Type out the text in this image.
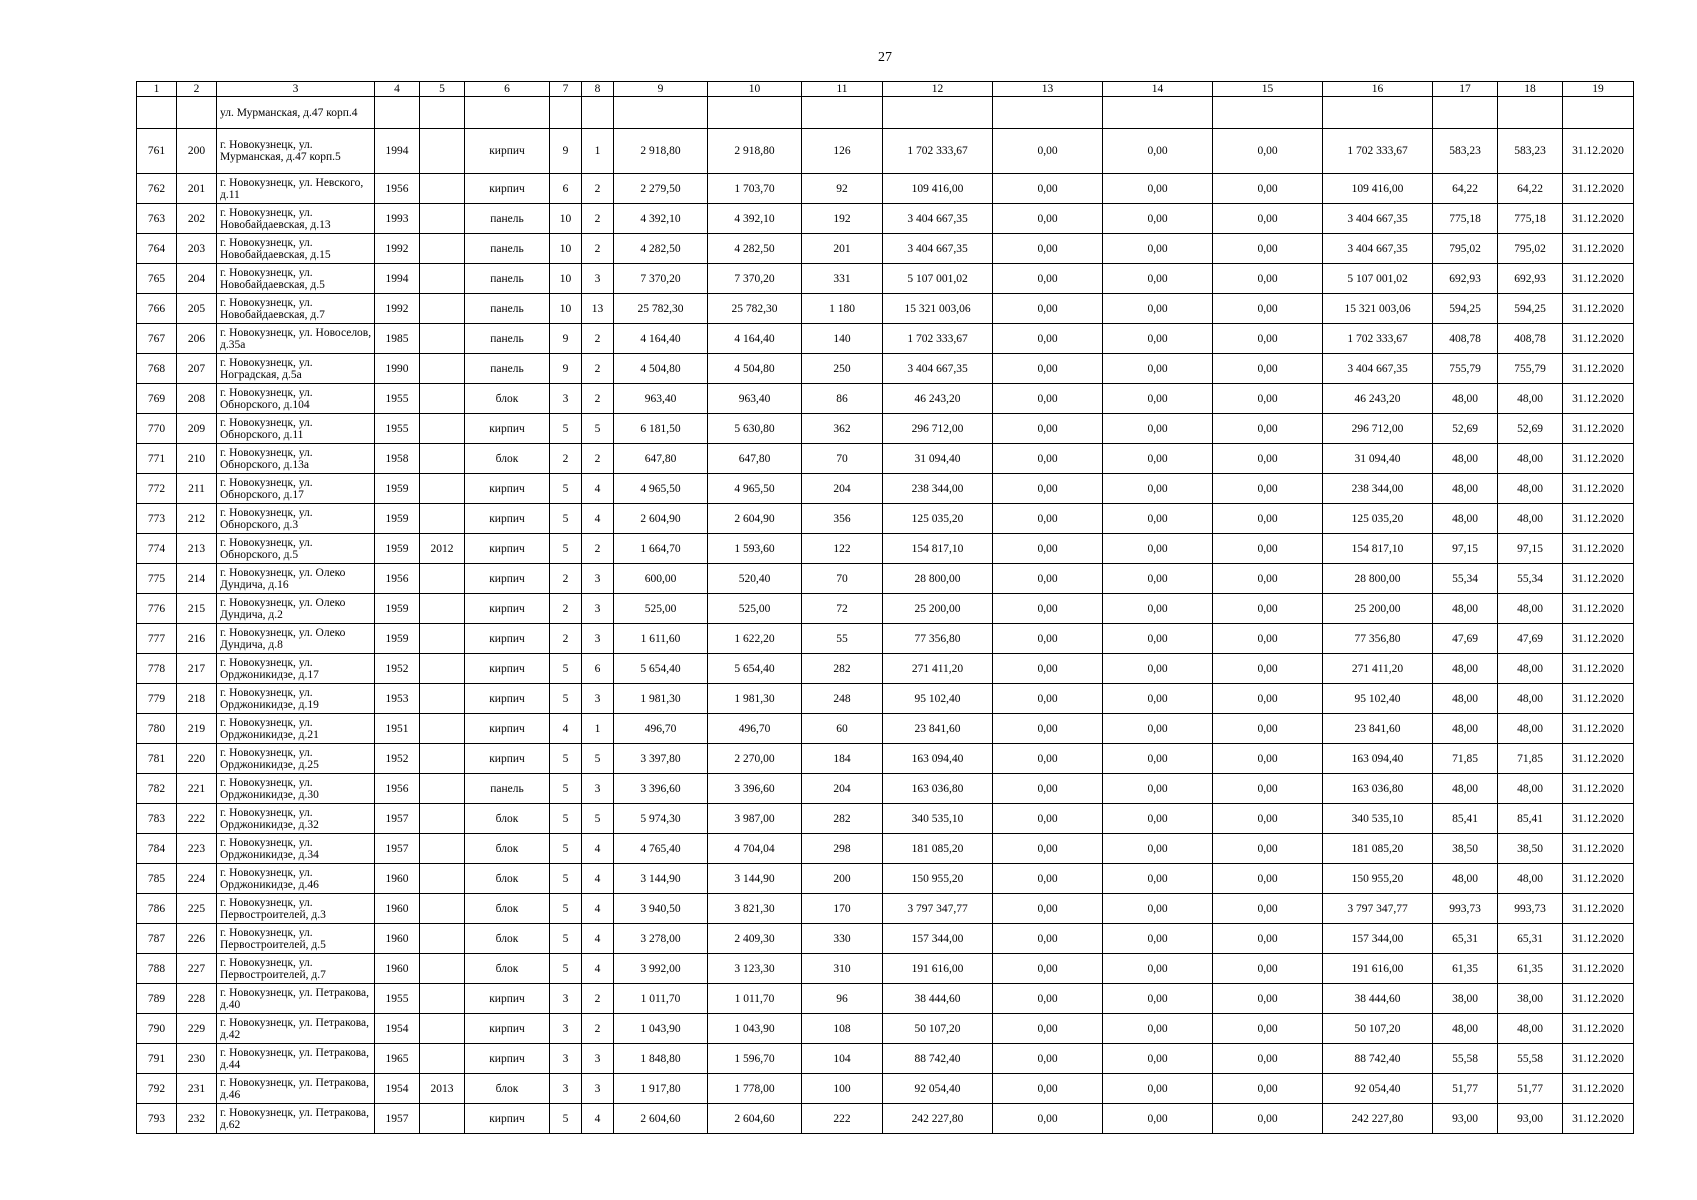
27
1	2	3	4	5	6	7	8	9	10	11	12	13	14	15	16	17	18	19
		ул. Мурманская, д.47 корп.4																
761	200	г. Новокузнецк, ул. Мурманская, д.47 корп.5	1994		кирпич	9	1	2 918,80	2 918,80	126	1 702 333,67	0,00	0,00	0,00	1 702 333,67	583,23	583,23	31.12.2020
762	201	г. Новокузнецк, ул. Невского, д.11	1956		кирпич	6	2	2 279,50	1 703,70	92	109 416,00	0,00	0,00	0,00	109 416,00	64,22	64,22	31.12.2020
763	202	г. Новокузнецк, ул. Новобайдаевская, д.13	1993		панель	10	2	4 392,10	4 392,10	192	3 404 667,35	0,00	0,00	0,00	3 404 667,35	775,18	775,18	31.12.2020
764	203	г. Новокузнецк, ул. Новобайдаевская, д.15	1992		панель	10	2	4 282,50	4 282,50	201	3 404 667,35	0,00	0,00	0,00	3 404 667,35	795,02	795,02	31.12.2020
765	204	г. Новокузнецк, ул. Новобайдаевская, д.5	1994		панель	10	3	7 370,20	7 370,20	331	5 107 001,02	0,00	0,00	0,00	5 107 001,02	692,93	692,93	31.12.2020
766	205	г. Новокузнецк, ул. Новобайдаевская, д.7	1992		панель	10	13	25 782,30	25 782,30	1 180	15 321 003,06	0,00	0,00	0,00	15 321 003,06	594,25	594,25	31.12.2020
767	206	г. Новокузнецк, ул. Новоселов, д.35а	1985		панель	9	2	4 164,40	4 164,40	140	1 702 333,67	0,00	0,00	0,00	1 702 333,67	408,78	408,78	31.12.2020
768	207	г. Новокузнецк, ул. Ноградская, д.5а	1990		панель	9	2	4 504,80	4 504,80	250	3 404 667,35	0,00	0,00	0,00	3 404 667,35	755,79	755,79	31.12.2020
769	208	г. Новокузнецк, ул. Обнорского, д.104	1955		блок	3	2	963,40	963,40	86	46 243,20	0,00	0,00	0,00	46 243,20	48,00	48,00	31.12.2020
770	209	г. Новокузнецк, ул. Обнорского, д.11	1955		кирпич	5	5	6 181,50	5 630,80	362	296 712,00	0,00	0,00	0,00	296 712,00	52,69	52,69	31.12.2020
771	210	г. Новокузнецк, ул. Обнорского, д.13а	1958		блок	2	2	647,80	647,80	70	31 094,40	0,00	0,00	0,00	31 094,40	48,00	48,00	31.12.2020
772	211	г. Новокузнецк, ул. Обнорского, д.17	1959		кирпич	5	4	4 965,50	4 965,50	204	238 344,00	0,00	0,00	0,00	238 344,00	48,00	48,00	31.12.2020
773	212	г. Новокузнецк, ул. Обнорского, д.3	1959		кирпич	5	4	2 604,90	2 604,90	356	125 035,20	0,00	0,00	0,00	125 035,20	48,00	48,00	31.12.2020
774	213	г. Новокузнецк, ул. Обнорского, д.5	1959	2012	кирпич	5	2	1 664,70	1 593,60	122	154 817,10	0,00	0,00	0,00	154 817,10	97,15	97,15	31.12.2020
775	214	г. Новокузнецк, ул. Олеко Дундича, д.16	1956		кирпич	2	3	600,00	520,40	70	28 800,00	0,00	0,00	0,00	28 800,00	55,34	55,34	31.12.2020
776	215	г. Новокузнецк, ул. Олеко Дундича, д.2	1959		кирпич	2	3	525,00	525,00	72	25 200,00	0,00	0,00	0,00	25 200,00	48,00	48,00	31.12.2020
777	216	г. Новокузнецк, ул. Олеко Дундича, д.8	1959		кирпич	2	3	1 611,60	1 622,20	55	77 356,80	0,00	0,00	0,00	77 356,80	47,69	47,69	31.12.2020
778	217	г. Новокузнецк, ул. Орджоникидзе, д.17	1952		кирпич	5	6	5 654,40	5 654,40	282	271 411,20	0,00	0,00	0,00	271 411,20	48,00	48,00	31.12.2020
779	218	г. Новокузнецк, ул. Орджоникидзе, д.19	1953		кирпич	5	3	1 981,30	1 981,30	248	95 102,40	0,00	0,00	0,00	95 102,40	48,00	48,00	31.12.2020
780	219	г. Новокузнецк, ул. Орджоникидзе, д.21	1951		кирпич	4	1	496,70	496,70	60	23 841,60	0,00	0,00	0,00	23 841,60	48,00	48,00	31.12.2020
781	220	г. Новокузнецк, ул. Орджоникидзе, д.25	1952		кирпич	5	5	3 397,80	2 270,00	184	163 094,40	0,00	0,00	0,00	163 094,40	71,85	71,85	31.12.2020
782	221	г. Новокузнецк, ул. Орджоникидзе, д.30	1956		панель	5	3	3 396,60	3 396,60	204	163 036,80	0,00	0,00	0,00	163 036,80	48,00	48,00	31.12.2020
783	222	г. Новокузнецк, ул. Орджоникидзе, д.32	1957		блок	5	5	5 974,30	3 987,00	282	340 535,10	0,00	0,00	0,00	340 535,10	85,41	85,41	31.12.2020
784	223	г. Новокузнецк, ул. Орджоникидзе, д.34	1957		блок	5	4	4 765,40	4 704,04	298	181 085,20	0,00	0,00	0,00	181 085,20	38,50	38,50	31.12.2020
785	224	г. Новокузнецк, ул. Орджоникидзе, д.46	1960		блок	5	4	3 144,90	3 144,90	200	150 955,20	0,00	0,00	0,00	150 955,20	48,00	48,00	31.12.2020
786	225	г. Новокузнецк, ул. Первостроителей, д.3	1960		блок	5	4	3 940,50	3 821,30	170	3 797 347,77	0,00	0,00	0,00	3 797 347,77	993,73	993,73	31.12.2020
787	226	г. Новокузнецк, ул. Первостроителей, д.5	1960		блок	5	4	3 278,00	2 409,30	330	157 344,00	0,00	0,00	0,00	157 344,00	65,31	65,31	31.12.2020
788	227	г. Новокузнецк, ул. Первостроителей, д.7	1960		блок	5	4	3 992,00	3 123,30	310	191 616,00	0,00	0,00	0,00	191 616,00	61,35	61,35	31.12.2020
789	228	г. Новокузнецк, ул. Петракова, д.40	1955		кирпич	3	2	1 011,70	1 011,70	96	38 444,60	0,00	0,00	0,00	38 444,60	38,00	38,00	31.12.2020
790	229	г. Новокузнецк, ул. Петракова, д.42	1954		кирпич	3	2	1 043,90	1 043,90	108	50 107,20	0,00	0,00	0,00	50 107,20	48,00	48,00	31.12.2020
791	230	г. Новокузнецк, ул. Петракова, д.44	1965		кирпич	3	3	1 848,80	1 596,70	104	88 742,40	0,00	0,00	0,00	88 742,40	55,58	55,58	31.12.2020
792	231	г. Новокузнецк, ул. Петракова, д.46	1954	2013	блок	3	3	1 917,80	1 778,00	100	92 054,40	0,00	0,00	0,00	92 054,40	51,77	51,77	31.12.2020
793	232	г. Новокузнецк, ул. Петракова, д.62	1957		кирпич	5	4	2 604,60	2 604,60	222	242 227,80	0,00	0,00	0,00	242 227,80	93,00	93,00	31.12.2020
